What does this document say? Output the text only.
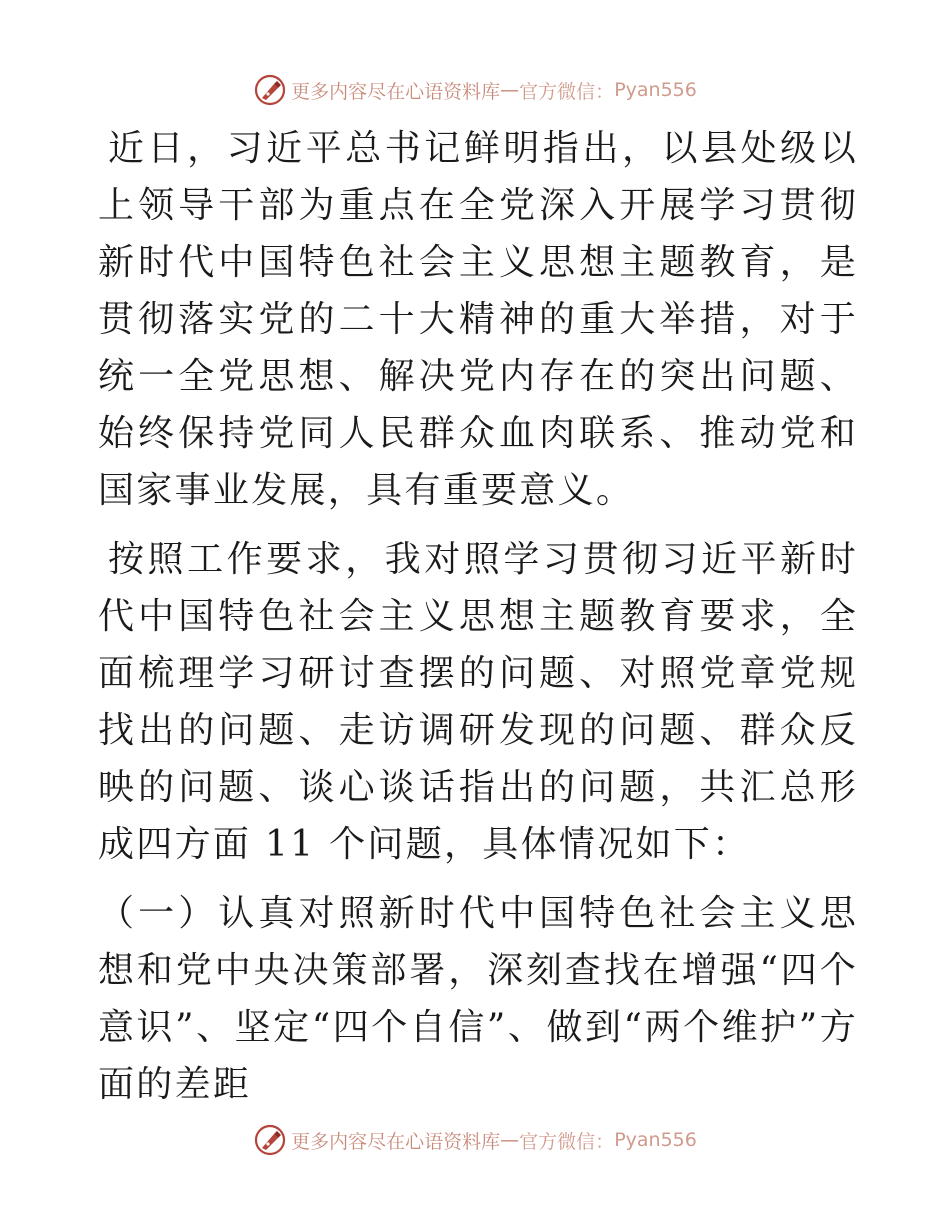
更多内容尽在心语资料库 — 官方微信： Pyan556

近日，习近平总书记鲜明指出，以县处级以上领导干部为重点在全党深入开展学习贯彻新时代中国特色社会主义思想主题教育，是贯彻落实党的二十大精神的重大举措，对于统一全党思想、解决党内存在的突出问题、始终保持党同人民群众血肉联系、推动党和国家事业发展，具有重要意义。

按照工作要求，我对照学习贯彻习近平新时代中国特色社会主义思想主题教育要求，全面梳理学习研讨查摆的问题、对照党章党规找出的问题、走访调研发现的问题、群众反映的问题、谈心谈话指出的问题，共汇总形成四方面 11 个问题，具体情况如下：

（一）认真对照新时代中国特色社会主义思想和党中央决策部署，深刻查找在增强“四个意识”、坚定“四个自信”、做到“两个维护”方面的差距

更多内容尽在心语资料库 — 官方微信： Pyan556
